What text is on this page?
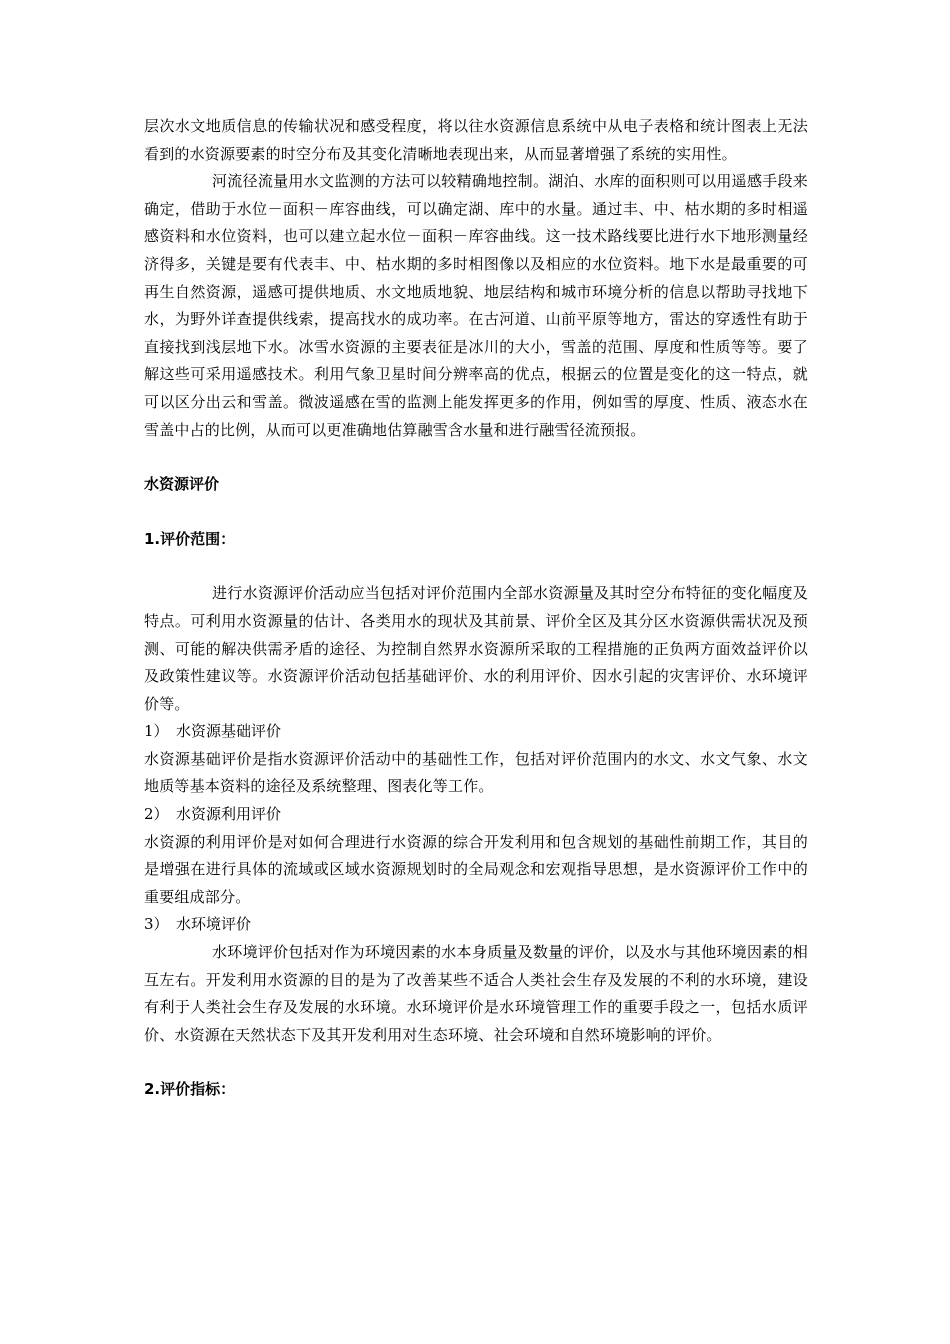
层次水文地质信息的传输状况和感受程度，将以往水资源信息系统中从电子表格和统计图表上无法看到的水资源要素的时空分布及其变化清晰地表现出来，从而显著增强了系统的实用性。

河流径流量用水文监测的方法可以较精确地控制。湖泊、水库的面积则可以用遥感手段来确定，借助于水位－面积－库容曲线，可以确定湖、库中的水量。通过丰、中、枯水期的多时相遥感资料和水位资料，也可以建立起水位－面积－库容曲线。这一技术路线要比进行水下地形测量经济得多，关键是要有代表丰、中、枯水期的多时相图像以及相应的水位资料。地下水是最重要的可再生自然资源，遥感可提供地质、水文地质地貌、地层结构和城市环境分析的信息以帮助寻找地下水，为野外详查提供线索，提高找水的成功率。在古河道、山前平原等地方，雷达的穿透性有助于直接找到浅层地下水。冰雪水资源的主要表征是冰川的大小，雪盖的范围、厚度和性质等等。要了解这些可采用遥感技术。利用气象卫星时间分辨率高的优点，根据云的位置是变化的这一特点，就可以区分出云和雪盖。微波遥感在雪的监测上能发挥更多的作用，例如雪的厚度、性质、液态水在雪盖中占的比例，从而可以更准确地估算融雪含水量和进行融雪径流预报。

水资源评价
1.评价范围：

进行水资源评价活动应当包括对评价范围内全部水资源量及其时空分布特征的变化幅度及特点。可利用水资源量的估计、各类用水的现状及其前景、评价全区及其分区水资源供需状况及预测、可能的解决供需矛盾的途径、为控制自然界水资源所采取的工程措施的正负两方面效益评价以及政策性建议等。水资源评价活动包括基础评价、水的利用评价、因水引起的灾害评价、水环境评价等。

1） 水资源基础评价

水资源基础评价是指水资源评价活动中的基础性工作，包括对评价范围内的水文、水文气象、水文地质等基本资料的途径及系统整理、图表化等工作。

2） 水资源利用评价

水资源的利用评价是对如何合理进行水资源的综合开发利用和包含规划的基础性前期工作，其目的是增强在进行具体的流域或区域水资源规划时的全局观念和宏观指导思想，是水资源评价工作中的重要组成部分。

3） 水环境评价

水环境评价包括对作为环境因素的水本身质量及数量的评价，以及水与其他环境因素的相互左右。开发利用水资源的目的是为了改善某些不适合人类社会生存及发展的不利的水环境，建设有利于人类社会生存及发展的水环境。水环境评价是水环境管理工作的重要手段之一，包括水质评价、水资源在天然状态下及其开发利用对生态环境、社会环境和自然环境影响的评价。

2.评价指标：
